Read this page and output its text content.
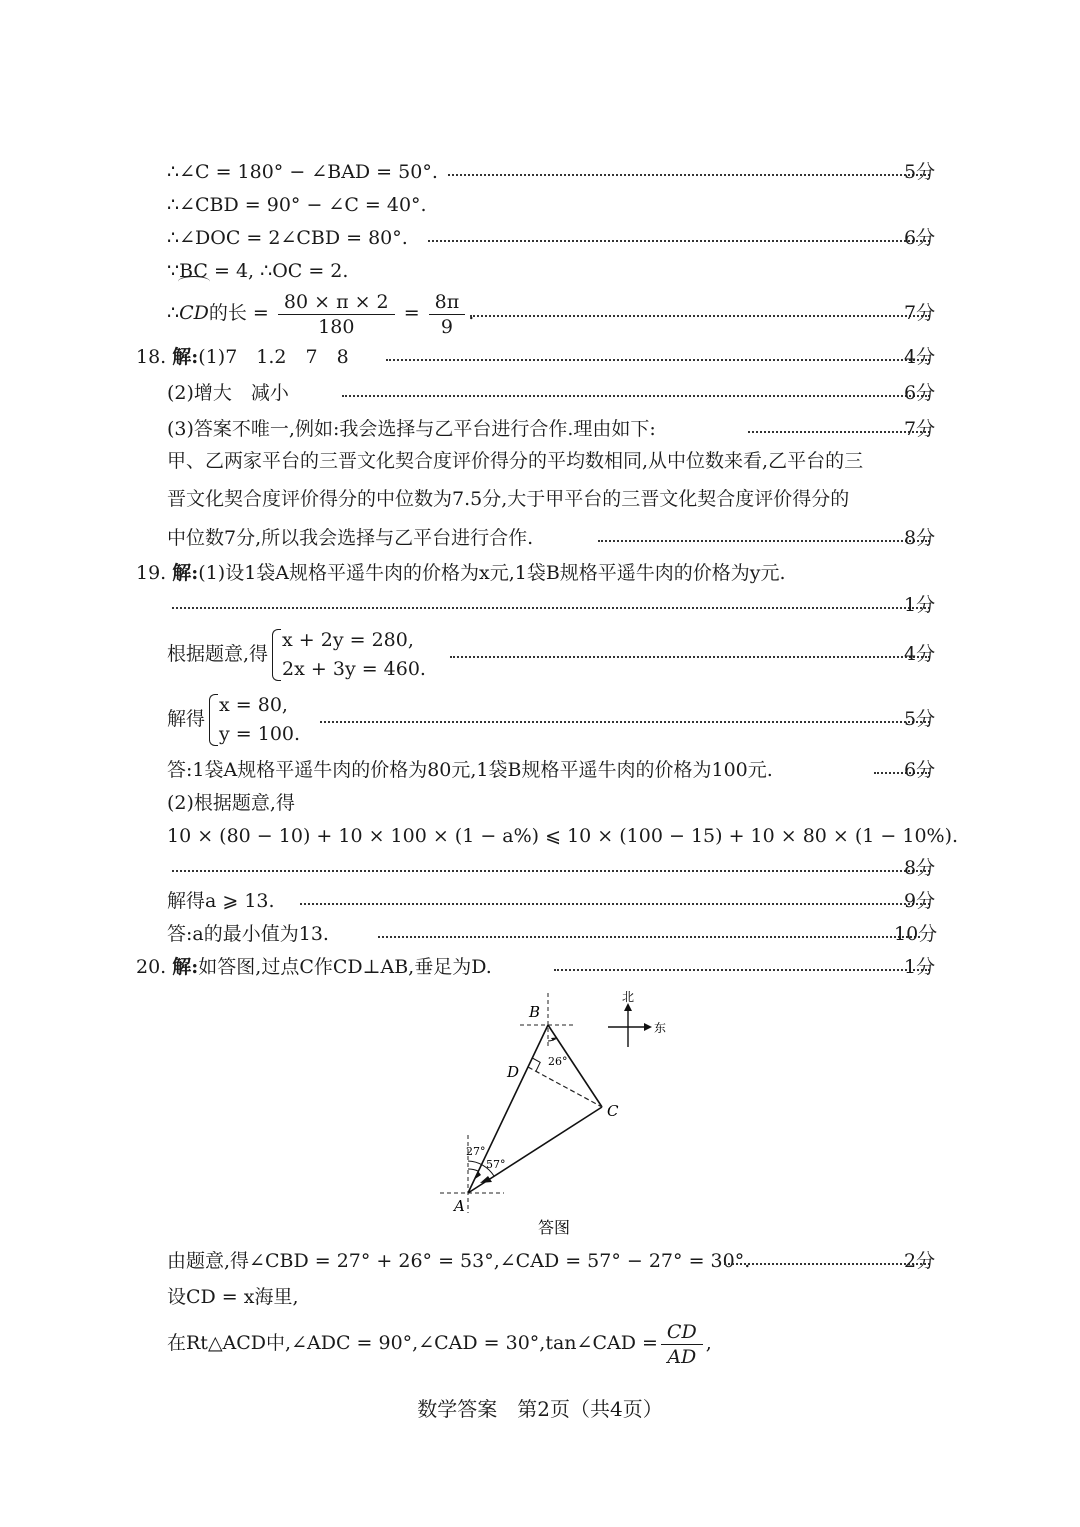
∴∠C = 180° − ∠BAD = 50°.	5分
∴∠CBD = 90° − ∠C = 40°.
∴∠DOC = 2∠CBD = 80°.	6分
∵BC = 4, ∴OC = 2.
∴CD的长 = $\frac{80 \times \pi \times 2}{180} = \frac{8\pi}{9}$ .	7分
18. 解:(1)7　1.2　7　8	4分
(2)增大　减小	6分
(3)答案不唯一,例如:我会选择与乙平台进行合作.理由如下:	7分
甲、乙两家平台的三晋文化契合度评价得分的平均数相同,从中位数来看,乙平台的三
晋文化契合度评价得分的中位数为7.5分,大于甲平台的三晋文化契合度评价得分的
中位数7分,所以我会选择与乙平台进行合作.	8分
19. 解:(1)设1袋A规格平遥牛肉的价格为x元,1袋B规格平遥牛肉的价格为y元.
1分
根据题意,得
x + 2y = 280,
2x + 3y = 460.
4分
解得
x = 80,
y = 100.
5分
答:1袋A规格平遥牛肉的价格为80元,1袋B规格平遥牛肉的价格为100元.	6分
(2)根据题意,得
10 × (80 − 10) + 10 × 100 × (1 − a%) ⩽ 10 × (100 − 15) + 10 × 80 × (1 − 10%).
8分
解得a ⩾ 13.	9分
答:a的最小值为13.	10分
20. 解:如答图,过点C作CD⊥AB,垂足为D.	1分
B
D
C
A
26°
27°
57°
北
东
答图
由题意,得∠CBD = 27° + 26° = 53°,∠CAD = 57° − 27° = 30°.	2分
设CD = x海里,
在Rt△ACD中,∠ADC = 90°,∠CAD = 30°,tan∠CAD = $\frac{CD}{AD}$ ,
数学答案　第2页（共4页）
